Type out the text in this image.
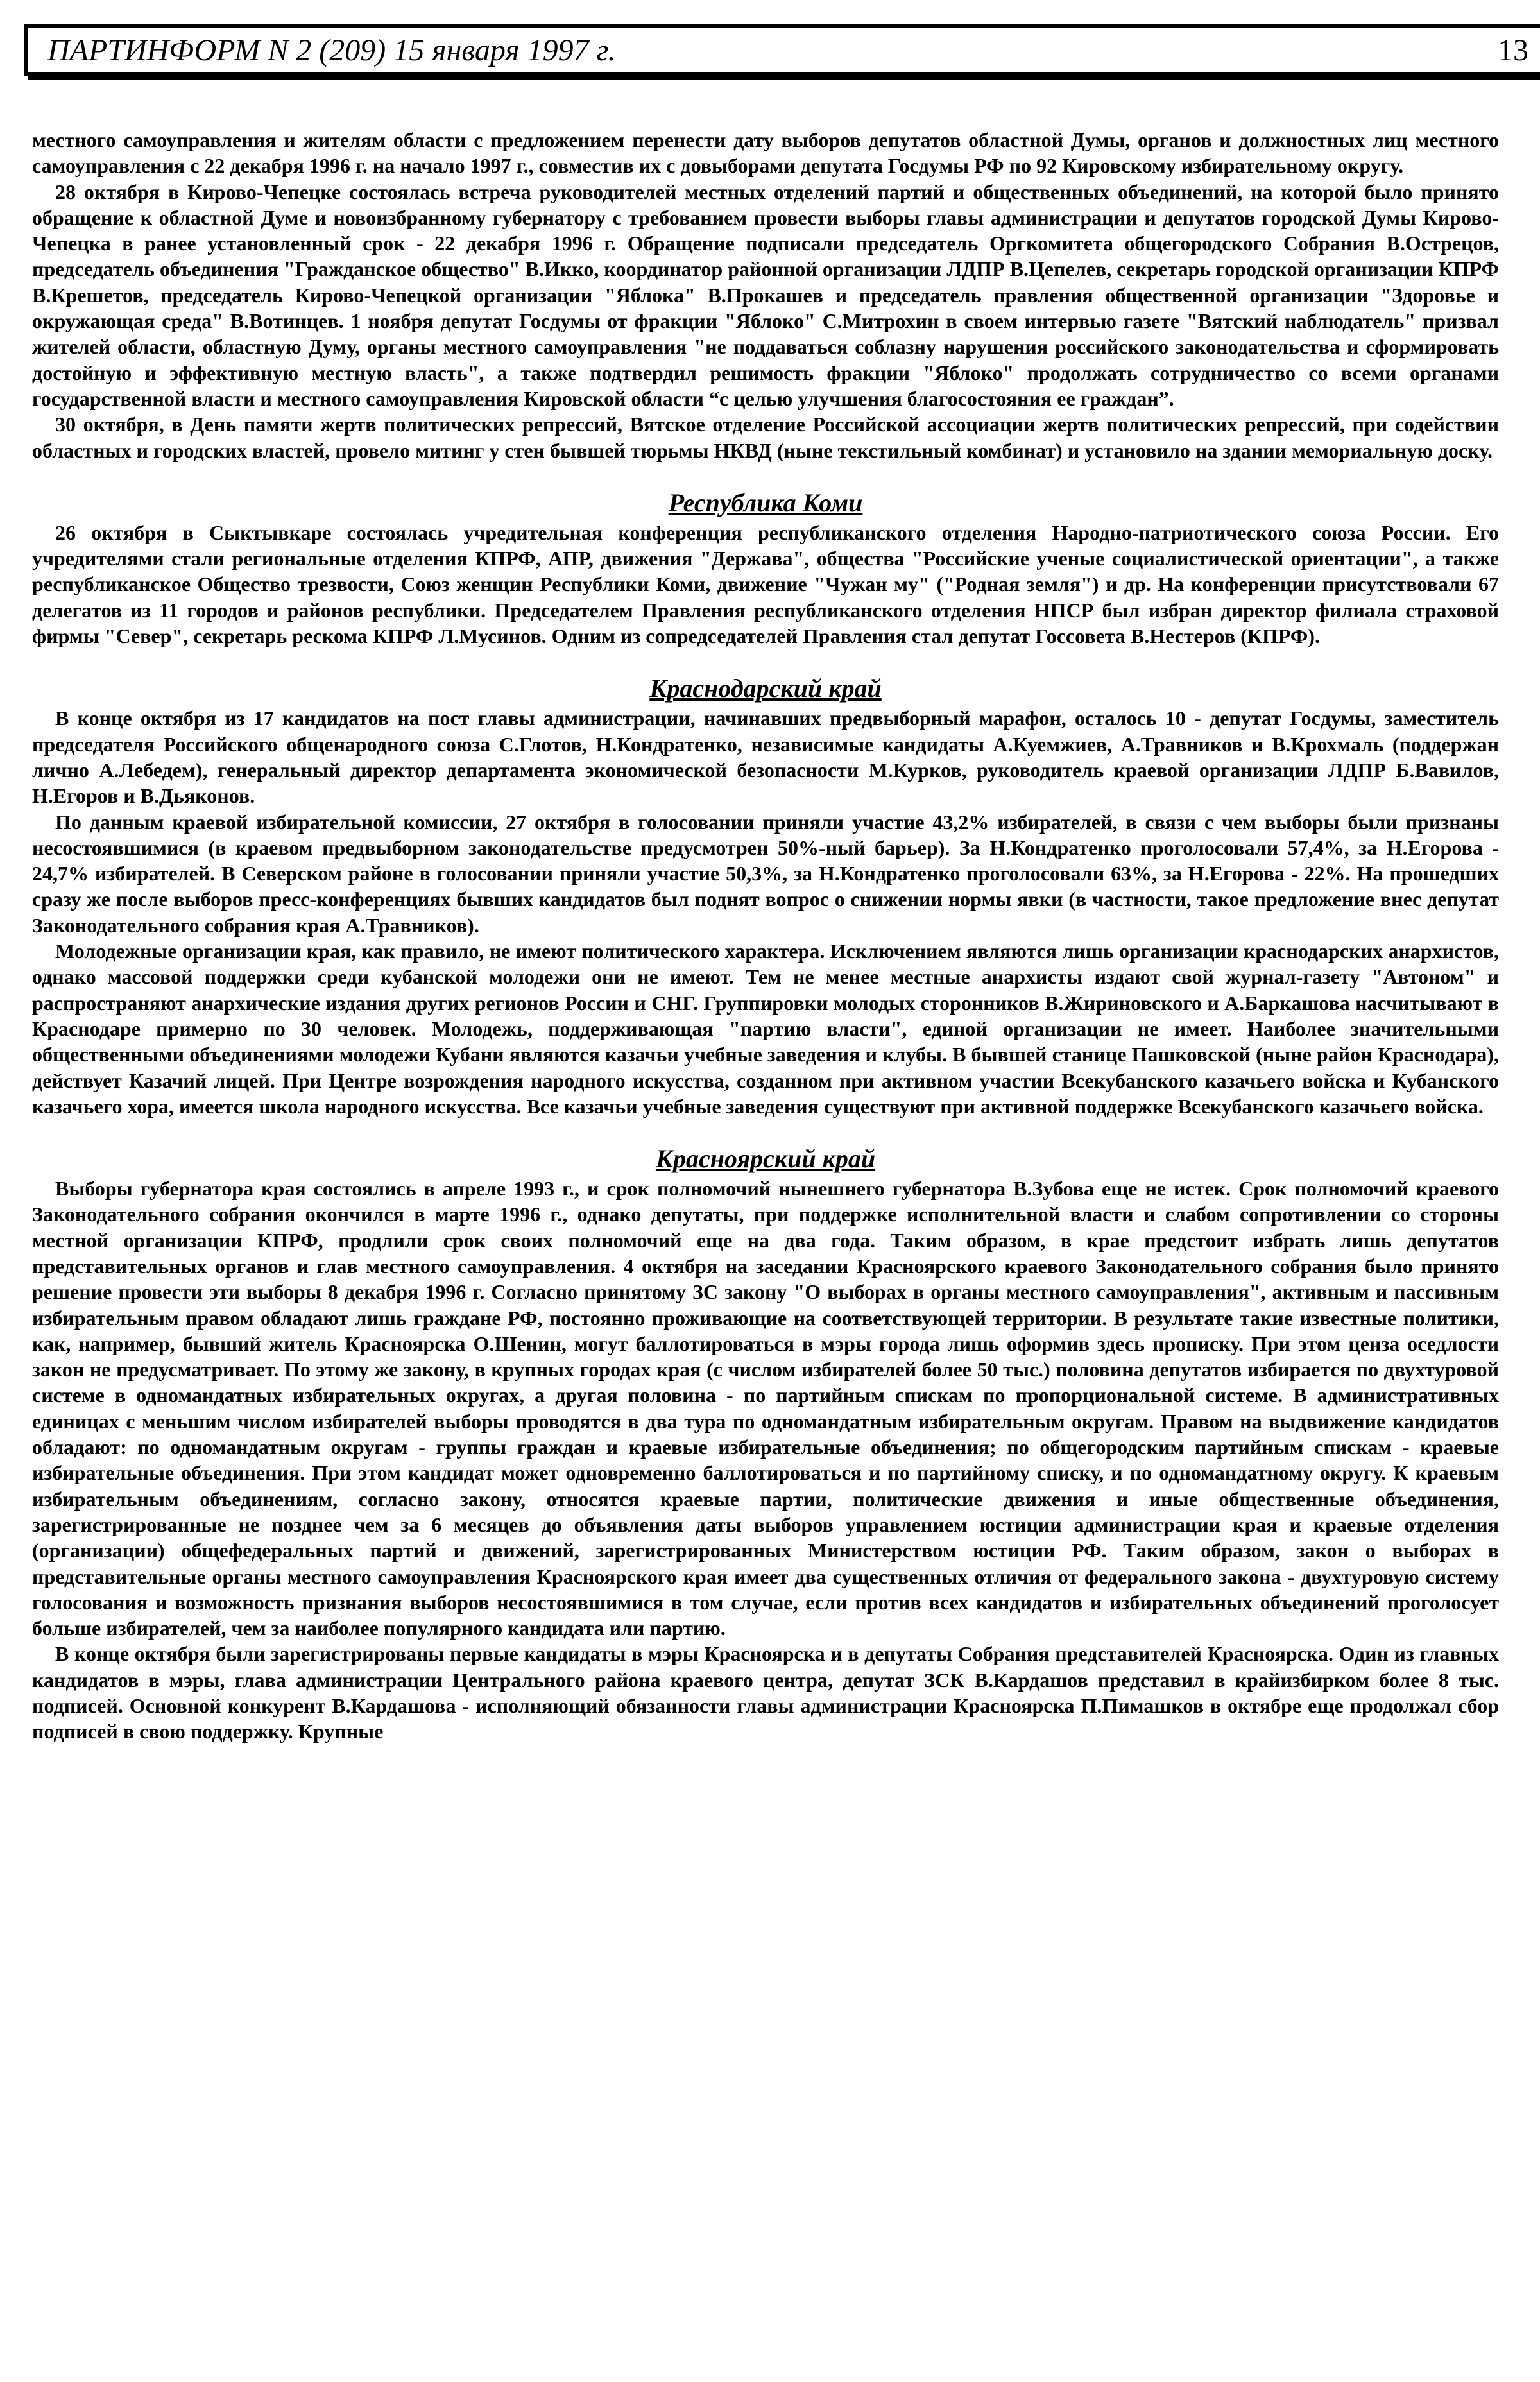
ПАРТИНФОРМ N 2 (209) 15 января 1997 г.	13

местного самоуправления и жителям области с предложением перенести дату выборов депутатов областной Думы, органов и должностных лиц местного самоуправления с 22 декабря 1996 г. на начало 1997 г., совместив их с довыборами депутата Госдумы РФ по 92 Кировскому избирательному округу.

28 октября в Кирово-Чепецке состоялась встреча руководителей местных отделений партий и общественных объединений, на которой было принято обращение к областной Думе и новоизбранному губернатору с требованием провести выборы главы администрации и депутатов городской Думы Кирово-Чепецка в ранее установленный срок - 22 декабря 1996 г. Обращение подписали председатель Оргкомитета общегородского Собрания В.Острецов, председатель объединения "Гражданское общество" В.Икко, координатор районной организации ЛДПР В.Цепелев, секретарь городской организации КПРФ В.Крешетов, председатель Кирово-Чепецкой организации "Яблока" В.Прокашев и председатель правления общественной организации "Здоровье и окружающая среда" В.Вотинцев. 1 ноября депутат Госдумы от фракции "Яблоко" С.Митрохин в своем интервью газете "Вятский наблюдатель" призвал жителей области, областную Думу, органы местного самоуправления "не поддаваться соблазну нарушения российского законодательства и сформировать достойную и эффективную местную власть", а также подтвердил решимость фракции "Яблоко" продолжать сотрудничество со всеми органами государственной власти и местного самоуправления Кировской области “с целью улучшения благосостояния ее граждан”.

30 октября, в День памяти жертв политических репрессий, Вятское отделение Российской ассоциации жертв политических репрессий, при содействии областных и городских властей, провело митинг у стен бывшей тюрьмы НКВД (ныне текстильный комбинат) и установило на здании мемориальную доску.

Республика Коми

26 октября в Сыктывкаре состоялась учредительная конференция республиканского отделения Народно-патриотического союза России. Его учредителями стали региональные отделения КПРФ, АПР, движения "Держава", общества "Российские ученые социалистической ориентации", а также республиканское Общество трезвости, Союз женщин Республики Коми, движение "Чужан му" ("Родная земля") и др. На конференции присутствовали 67 делегатов из 11 городов и районов республики. Председателем Правления республиканского отделения НПСР был избран директор филиала страховой фирмы "Север", секретарь рескома КПРФ Л.Мусинов. Одним из сопредседателей Правления стал депутат Госсовета В.Нестеров (КПРФ).

Краснодарский край

В конце октября из 17 кандидатов на пост главы администрации, начинавших предвыборный марафон, осталось 10 - депутат Госдумы, заместитель председателя Российского общенародного союза С.Глотов, Н.Кондратенко, независимые кандидаты А.Куемжиев, А.Травников и В.Крохмаль (поддержан лично А.Лебедем), генеральный директор департамента экономической безопасности М.Курков, руководитель краевой организации ЛДПР Б.Вавилов, Н.Егоров и В.Дьяконов.

По данным краевой избирательной комиссии, 27 октября в голосовании приняли участие 43,2% избирателей, в связи с чем выборы были признаны несостоявшимися (в краевом предвыборном законодательстве предусмотрен 50%-ный барьер). За Н.Кондратенко проголосовали 57,4%, за Н.Егорова - 24,7% избирателей. В Северском районе в голосовании приняли участие 50,3%, за Н.Кондратенко проголосовали 63%, за Н.Егорова - 22%. На прошедших сразу же после выборов пресс-конференциях бывших кандидатов был поднят вопрос о снижении нормы явки (в частности, такое предложение внес депутат Законодательного собрания края А.Травников).

Молодежные организации края, как правило, не имеют политического характера. Исключением являются лишь организации краснодарских анархистов, однако массовой поддержки среди кубанской молодежи они не имеют. Тем не менее местные анархисты издают свой журнал-газету "Автоном" и распространяют анархические издания других регионов России и СНГ. Группировки молодых сторонников В.Жириновского и А.Баркашова насчитывают в Краснодаре примерно по 30 человек. Молодежь, поддерживающая "партию власти", единой организации не имеет. Наиболее значительными общественными объединениями молодежи Кубани являются казачьи учебные заведения и клубы. В бывшей станице Пашковской (ныне район Краснодара), действует Казачий лицей. При Центре возрождения народного искусства, созданном при активном участии Всекубанского казачьего войска и Кубанского казачьего хора, имеется школа народного искусства. Все казачьи учебные заведения существуют при активной поддержке Всекубанского казачьего войска.

Красноярский край

Выборы губернатора края состоялись в апреле 1993 г., и срок полномочий нынешнего губернатора В.Зубова еще не истек. Срок полномочий краевого Законодательного собрания окончился в марте 1996 г., однако депутаты, при поддержке исполнительной власти и слабом сопротивлении со стороны местной организации КПРФ, продлили срок своих полномочий еще на два года. Таким образом, в крае предстоит избрать лишь депутатов представительных органов и глав местного самоуправления. 4 октября на заседании Красноярского краевого Законодательного собрания было принято решение провести эти выборы 8 декабря 1996 г. Согласно принятому ЗС закону "О выборах в органы местного самоуправления", активным и пассивным избирательным правом обладают лишь граждане РФ, постоянно проживающие на соответствующей территории. В результате такие известные политики, как, например, бывший житель Красноярска О.Шенин, могут баллотироваться в мэры города лишь оформив здесь прописку. При этом ценза оседлости закон не предусматривает. По этому же закону, в крупных городах края (с числом избирателей более 50 тыс.) половина депутатов избирается по двухтуровой системе в одномандатных избирательных округах, а другая половина - по партийным спискам по пропорциональной системе. В административных единицах с меньшим числом избирателей выборы проводятся в два тура по одномандатным избирательным округам. Правом на выдвижение кандидатов обладают: по одномандатным округам - группы граждан и краевые избирательные объединения; по общегородским партийным спискам - краевые избирательные объединения. При этом кандидат может одновременно баллотироваться и по партийному списку, и по одномандатному округу. К краевым избирательным объединениям, согласно закону, относятся краевые партии, политические движения и иные общественные объединения, зарегистрированные не позднее чем за 6 месяцев до объявления даты выборов управлением юстиции администрации края и краевые отделения (организации) общефедеральных партий и движений, зарегистрированных Министерством юстиции РФ. Таким образом, закон о выборах в представительные органы местного самоуправления Красноярского края имеет два существенных отличия от федерального закона - двухтуровую систему голосования и возможность признания выборов несостоявшимися в том случае, если против всех кандидатов и избирательных объединений проголосует больше избирателей, чем за наиболее популярного кандидата или партию.

В конце октября были зарегистрированы первые кандидаты в мэры Красноярска и в депутаты Собрания представителей Красноярска. Один из главных кандидатов в мэры, глава администрации Центрального района краевого центра, депутат ЗСК В.Кардашов представил в крайизбирком более 8 тыс. подписей. Основной конкурент В.Кардашова - исполняющий обязанности главы администрации Красноярска П.Пимашков в октябре еще продолжал сбор подписей в свою поддержку. Крупные
